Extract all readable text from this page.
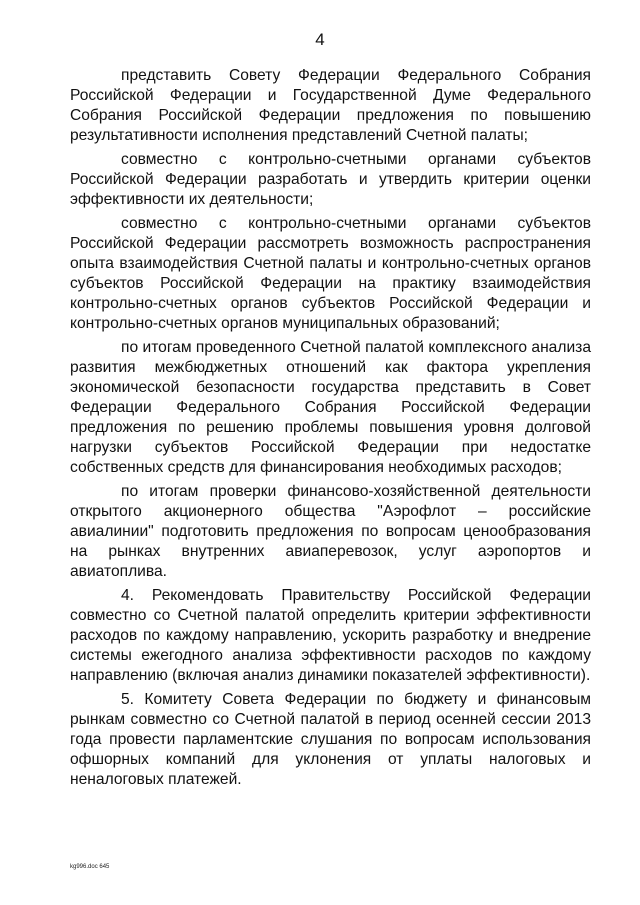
4

представить Совету Федерации Федерального Собрания Российской Федерации и Государственной Думе Федерального Собрания Российской Федерации предложения по повышению результативности исполнения представлений Счетной палаты;

совместно с контрольно-счетными органами субъектов Российской Федерации разработать и утвердить критерии оценки эффективности их деятельности;

совместно с контрольно-счетными органами субъектов Российской Федерации рассмотреть возможность распространения опыта взаимодействия Счетной палаты и контрольно-счетных органов субъектов Российской Федерации на практику взаимодействия контрольно-счетных органов субъектов Российской Федерации и контрольно-счетных органов муниципальных образований;

по итогам проведенного Счетной палатой комплексного анализа развития межбюджетных отношений как фактора укрепления экономической безопасности государства представить в Совет Федерации Федерального Собрания Российской Федерации предложения по решению проблемы повышения уровня долговой нагрузки субъектов Российской Федерации при недостатке собственных средств для финансирования необходимых расходов;

по итогам проверки финансово-хозяйственной деятельности открытого акционерного общества "Аэрофлот – российские авиалинии" подготовить предложения по вопросам ценообразования на рынках внутренних авиаперевозок, услуг аэропортов и авиатоплива.

4. Рекомендовать Правительству Российской Федерации совместно со Счетной палатой определить критерии эффективности расходов по каждому направлению, ускорить разработку и внедрение системы ежегодного анализа эффективности расходов по каждому направлению (включая анализ динамики показателей эффективности).

5. Комитету Совета Федерации по бюджету и финансовым рынкам совместно со Счетной палатой в период осенней сессии 2013 года провести парламентские слушания по вопросам использования офшорных компаний для уклонения от уплаты налоговых и неналоговых платежей.

kg996.doc 645
